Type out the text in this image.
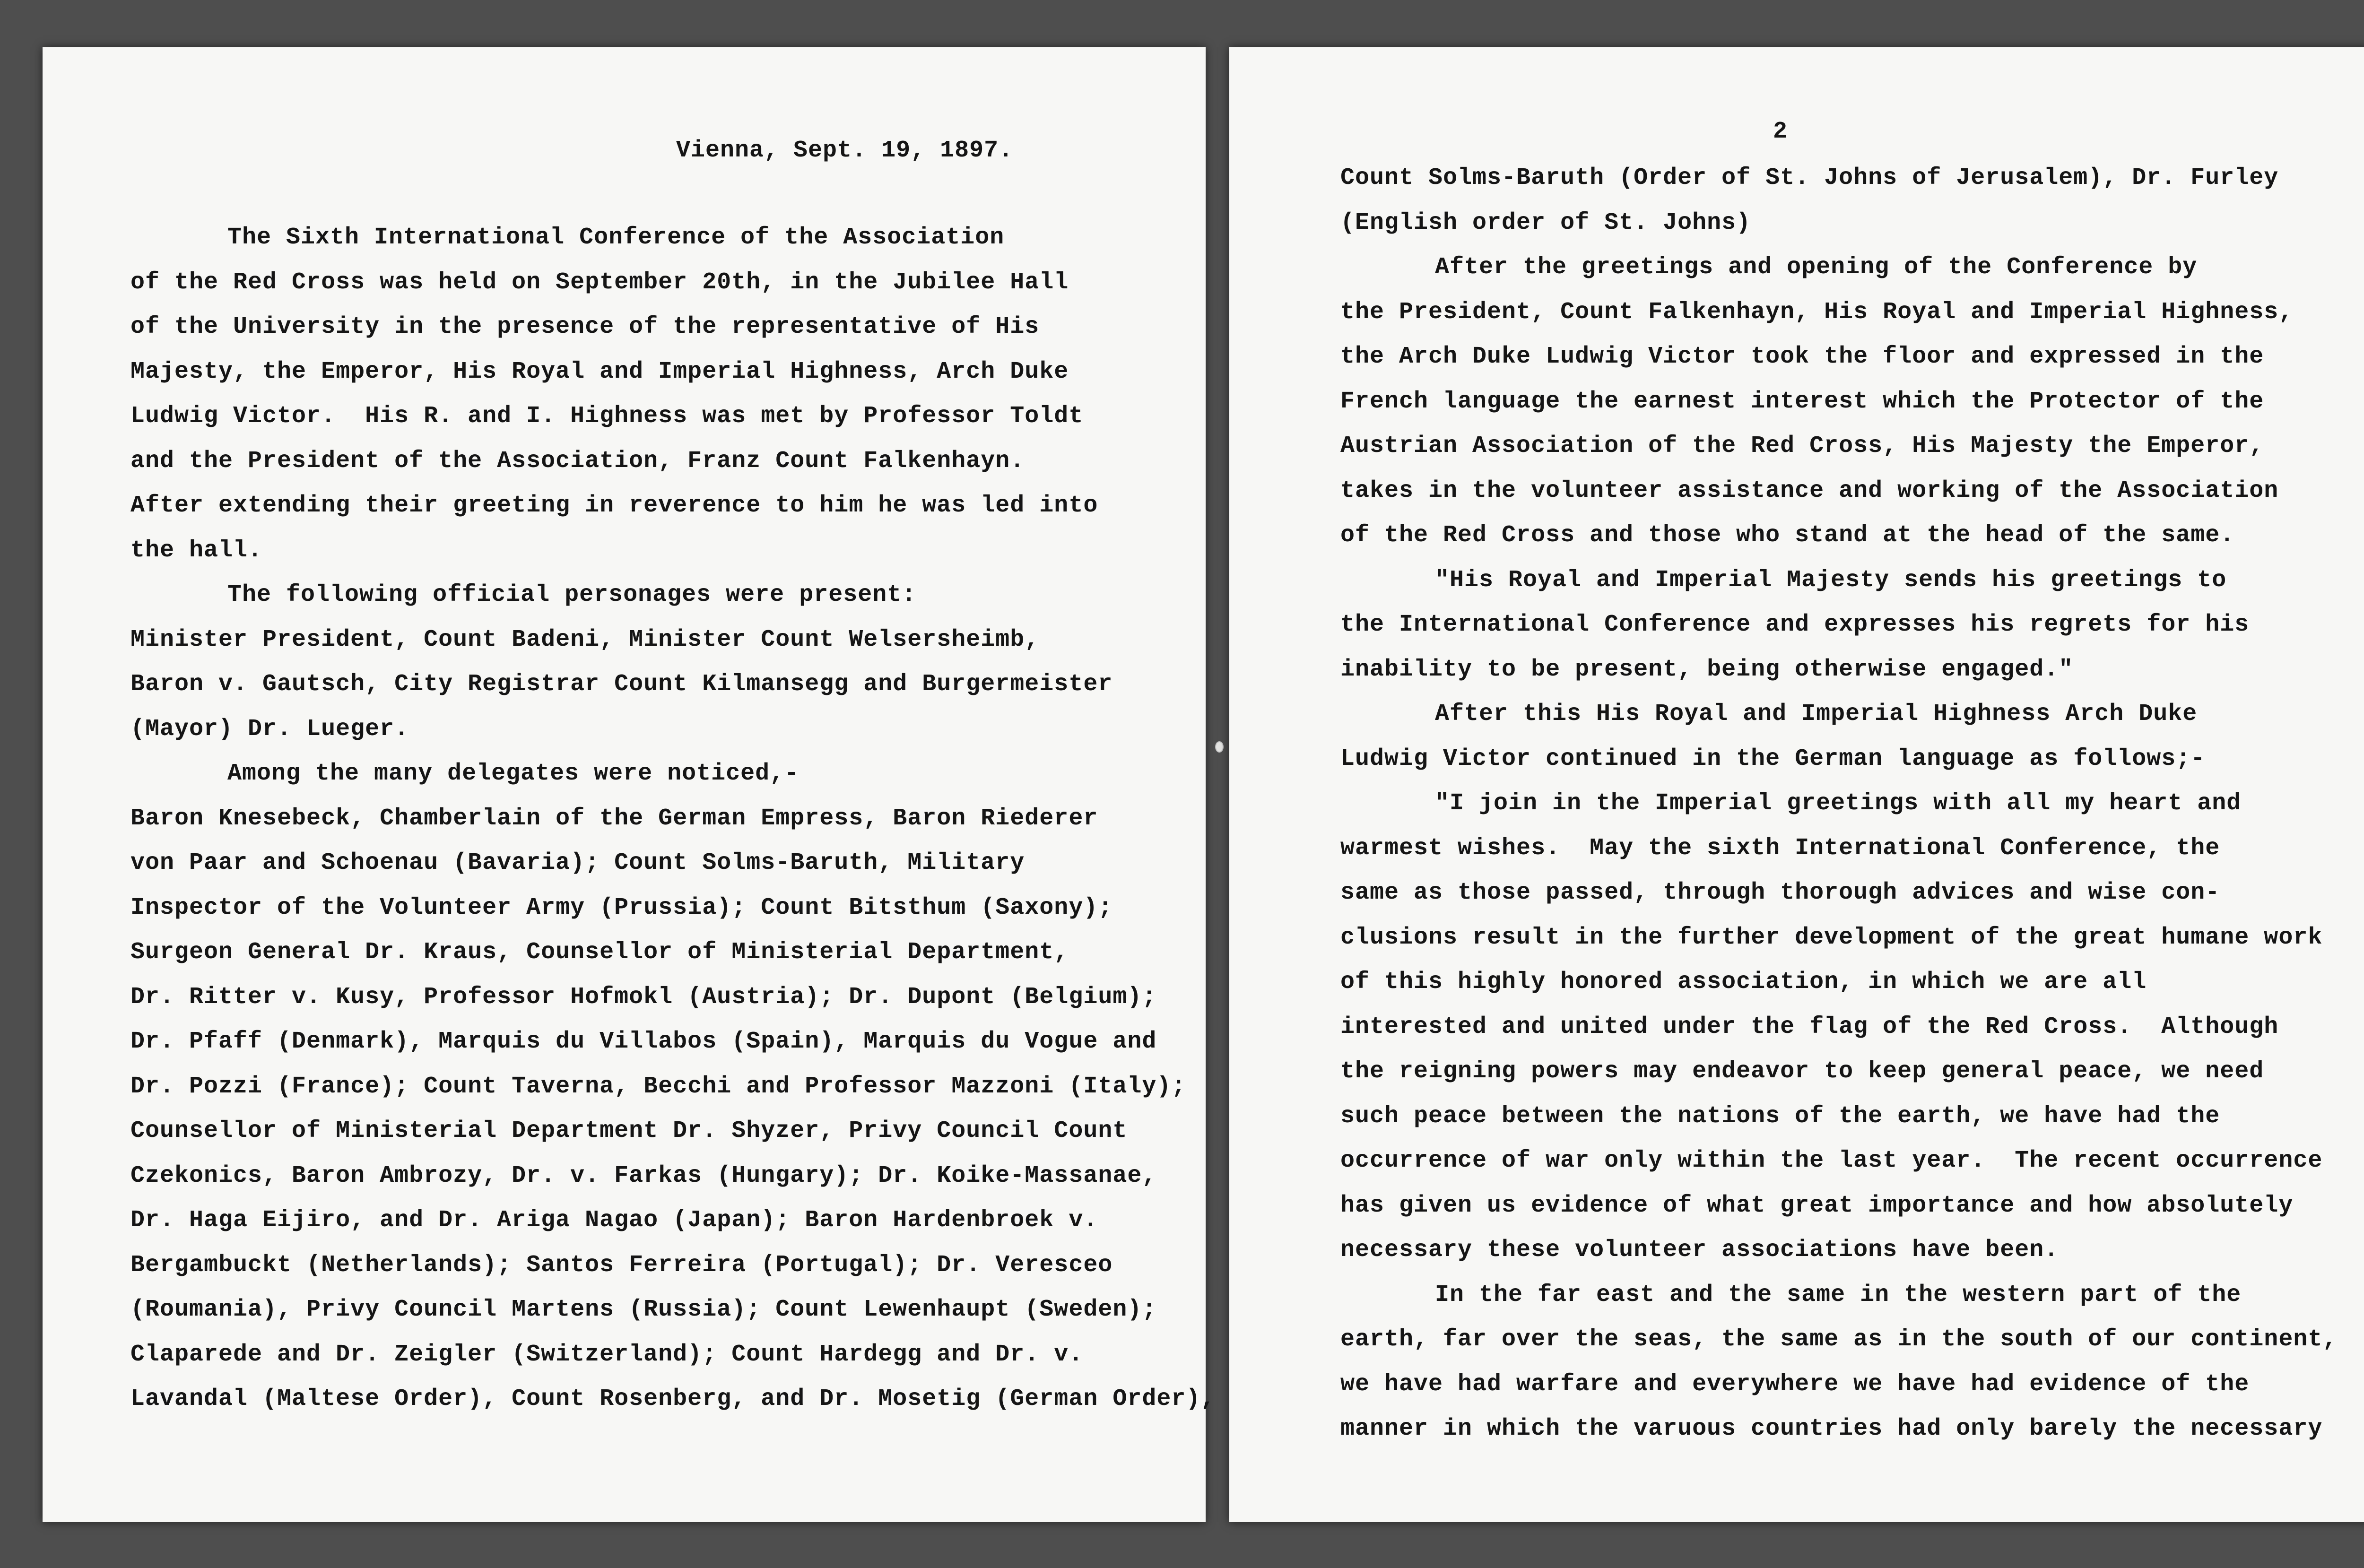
Vienna, Sept. 19, 1897.
The Sixth International Conference of the Association
of the Red Cross was held on September 20th, in the Jubilee Hall
of the University in the presence of the representative of His
Majesty, the Emperor, His Royal and Imperial Highness, Arch Duke
Ludwig Victor.  His R. and I. Highness was met by Professor Toldt
and the President of the Association, Franz Count Falkenhayn.
After extending their greeting in reverence to him he was led into
the hall.
The following official personages were present:
Minister President, Count Badeni, Minister Count Welsersheimb,
Baron v. Gautsch, City Registrar Count Kilmansegg and Burgermeister
(Mayor) Dr. Lueger.
Among the many delegates were noticed,-
Baron Knesebeck, Chamberlain of the German Empress, Baron Riederer
von Paar and Schoenau (Bavaria); Count Solms-Baruth, Military
Inspector of the Volunteer Army (Prussia); Count Bitsthum (Saxony);
Surgeon General Dr. Kraus, Counsellor of Ministerial Department,
Dr. Ritter v. Kusy, Professor Hofmokl (Austria); Dr. Dupont (Belgium);
Dr. Pfaff (Denmark), Marquis du Villabos (Spain), Marquis du Vogue and
Dr. Pozzi (France); Count Taverna, Becchi and Professor Mazzoni (Italy);
Counsellor of Ministerial Department Dr. Shyzer, Privy Council Count
Czekonics, Baron Ambrozy, Dr. v. Farkas (Hungary); Dr. Koike-Massanae,
Dr. Haga Eijiro, and Dr. Ariga Nagao (Japan); Baron Hardenbroek v.
Bergambuckt (Netherlands); Santos Ferreira (Portugal); Dr. Veresceo
(Roumania), Privy Council Martens (Russia); Count Lewenhaupt (Sweden);
Claparede and Dr. Zeigler (Switzerland); Count Hardegg and Dr. v.
Lavandal (Maltese Order), Count Rosenberg, and Dr. Mosetig (German Order),
2
Count Solms-Baruth (Order of St. Johns of Jerusalem), Dr. Furley
(English order of St. Johns)
After the greetings and opening of the Conference by
the President, Count Falkenhayn, His Royal and Imperial Highness,
the Arch Duke Ludwig Victor took the floor and expressed in the
French language the earnest interest which the Protector of the
Austrian Association of the Red Cross, His Majesty the Emperor,
takes in the volunteer assistance and working of the Association
of the Red Cross and those who stand at the head of the same.
"His Royal and Imperial Majesty sends his greetings to
the International Conference and expresses his regrets for his
inability to be present, being otherwise engaged."
After this His Royal and Imperial Highness Arch Duke
Ludwig Victor continued in the German language as follows;-
"I join in the Imperial greetings with all my heart and
warmest wishes.  May the sixth International Conference, the
same as those passed, through thorough advices and wise con-
clusions result in the further development of the great humane work
of this highly honored association, in which we are all
interested and united under the flag of the Red Cross.  Although
the reigning powers may endeavor to keep general peace, we need
such peace between the nations of the earth, we have had the
occurrence of war only within the last year.  The recent occurrence
has given us evidence of what great importance and how absolutely
necessary these volunteer associations have been.
In the far east and the same in the western part of the
earth, far over the seas, the same as in the south of our continent,
we have had warfare and everywhere we have had evidence of the
manner in which the varuous countries had only barely the necessary
